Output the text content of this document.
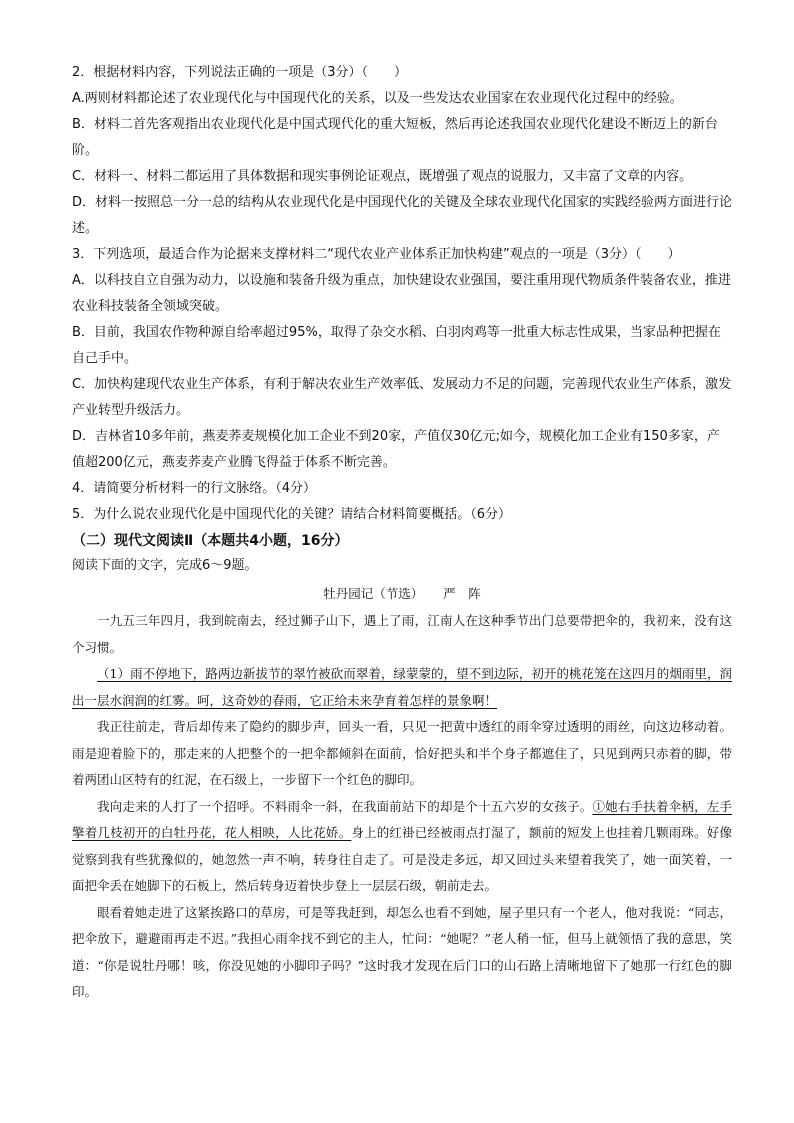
2．根据材料内容，下列说法正确的一项是（3分）（　　）
A.两则材料都论述了农业现代化与中国现代化的关系，以及一些发达农业国家在农业现代化过程中的经验。
B．材料二首先客观指出农业现代化是中国式现代化的重大短板，然后再论述我国农业现代化建设不断迈上的新台阶。
C．材料一、材料二都运用了具体数据和现实事例论证观点，既增强了观点的说服力，又丰富了文章的内容。
D．材料一按照总一分一总的结构从农业现代化是中国现代化的关键及全球农业现代化国家的实践经验两方面进行论述。
3．下列选项，最适合作为论据来支撑材料二“现代农业产业体系正加快构建”观点的一项是（3分）（　　）
A．以科技自立自强为动力，以设施和装备升级为重点，加快建设农业强国，要注重用现代物质条件装备农业，推进农业科技装备全领域突破。
B．目前，我国农作物种源自给率超过95%，取得了杂交水稻、白羽肉鸡等一批重大标志性成果，当家品种把握在自己手中。
C．加快构建现代农业生产体系，有利于解决农业生产效率低、发展动力不足的问题，完善现代农业生产体系，激发产业转型升级活力。
D．吉林省10多年前，燕麦荞麦规模化加工企业不到20家，产值仅30亿元;如今，规模化加工企业有150多家，产值超200亿元，燕麦荞麦产业腾飞得益于体系不断完善。
4．请简要分析材料一的行文脉络。（4分）
5．为什么说农业现代化是中国现代化的关键？请结合材料简要概括。（6分）
（二）现代文阅读Ⅱ（本题共4小题，16分）
阅读下面的文字，完成6～9题。
牡丹园记（节选） 严　阵

一九五三年四月，我到皖南去，经过狮子山下，遇上了雨，江南人在这种季节出门总要带把伞的，我初来，没有这个习惯。

（1）雨不停地下，路两边新拔节的翠竹被砍而翠着，绿蒙蒙的，望不到边际，初开的桃花笼在这四月的烟雨里，润出一层水润润的红雾。呵，这奇妙的春雨，它正给未来孕育着怎样的景象啊！

我正往前走，背后却传来了隐约的脚步声，回头一看，只见一把黄中透红的雨伞穿过透明的雨丝，向这边移动着。雨是迎着脸下的，那走来的人把整个的一把伞都倾斜在面前，恰好把头和半个身子都遮住了，只见到两只赤着的脚，带着两团山区特有的红泥，在石级上，一步留下一个红色的脚印。

我向走来的人打了一个招呼。不料雨伞一斜，在我面前站下的却是个十五六岁的女孩子。①她右手扶着伞柄，左手擎着几枝初开的白牡丹花，花人相映，人比花娇。身上的红褂已经被雨点打湿了，额前的短发上也挂着几颗雨珠。好像觉察到我有些犹豫似的，她忽然一声不响，转身往自走了。可是没走多远，却又回过头来望着我笑了，她一面笑着，一面把伞丢在她脚下的石板上，然后转身迈着快步登上一层层石级，朝前走去。

眼看着她走进了这紧挨路口的草房，可是等我赶到，却怎么也看不到她，屋子里只有一个老人，他对我说：“同志，把伞放下，避避雨再走不迟。”我担心雨伞找不到它的主人，忙问：“她呢？”老人稍一怔，但马上就领悟了我的意思，笑道：“你是说牡丹哪！咳，你没见她的小脚印子吗？”这时我才发现在后门口的山石路上清晰地留下了她那一行红色的脚印。
